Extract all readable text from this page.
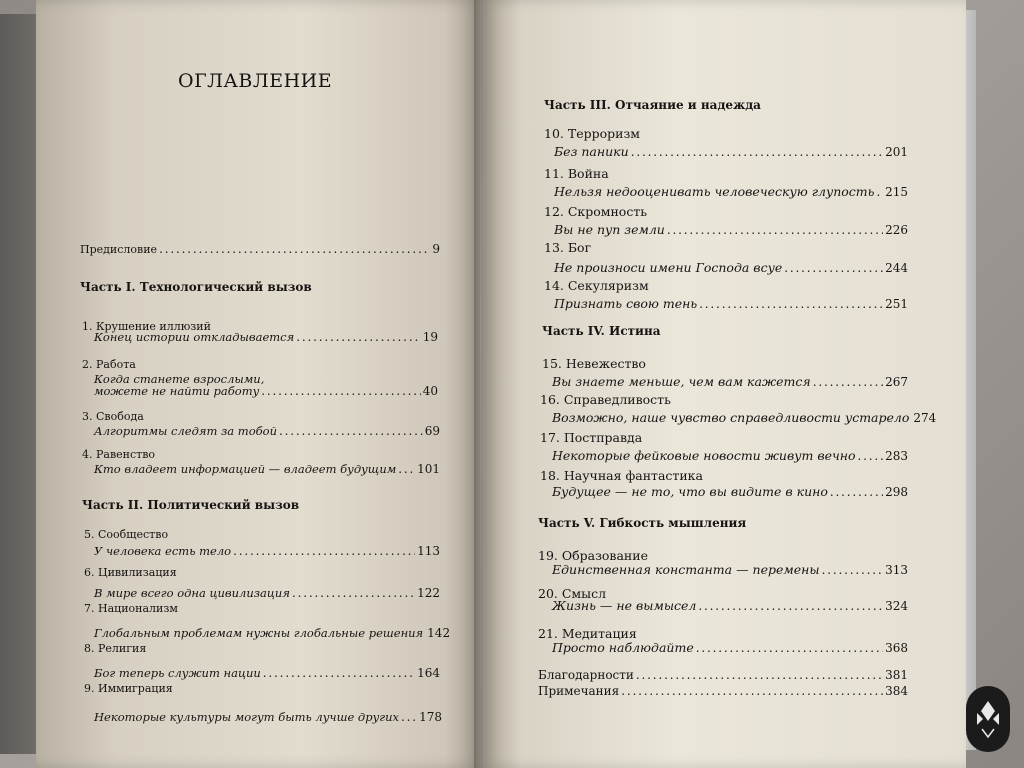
ОГЛАВЛЕНИЕ
Предисловие . . .	9
Часть I. Технологический вызов
1. Крушение иллюзий
Конец истории откладывается . . .	19
2. Работа
Когда станете взрослыми,
можете не найти работу . . .	40
3. Свобода
Алгоритмы следят за тобой . . .	69
4. Равенство
Кто владеет информацией — владеет будущим . . . 101
Часть II. Политический вызов
5. Сообщество
У человека есть тело . . .	113
6. Цивилизация
В мире всего одна цивилизация . . .	122
7. Национализм
Глобальным проблемам нужны глобальные решения 142
8. Религия
Бог теперь служит нации . . .	164
9. Иммиграция
Некоторые культуры могут быть лучше других . . . 178
Часть III. Отчаяние и надежда
10. Терроризм
Без паники . . .	201
11. Война
Нельзя недооценивать человеческую глупость . . . 215
12. Скромность
Вы не пуп земли . . .	226
13. Бог
Не произноси имени Господа всуе . . .	244
14. Секуляризм
Признать свою тень . . .	251
Часть IV. Истина
15. Невежество
Вы знаете меньше, чем вам кажется . . .	267
16. Справедливость
Возможно, наше чувство справедливости устарело 274
17. Постправда
Некоторые фейковые новости живут вечно . . . 283
18. Научная фантастика
Будущее — не то, что вы видите в кино . . .	298
Часть V. Гибкость мышления
19. Образование
Единственная константа — перемены . . .	313
20. Смысл
Жизнь — не вымысел . . .	324
21. Медитация
Просто наблюдайте . . .	368
Благодарности . . .	381
Примечания . . .	384
